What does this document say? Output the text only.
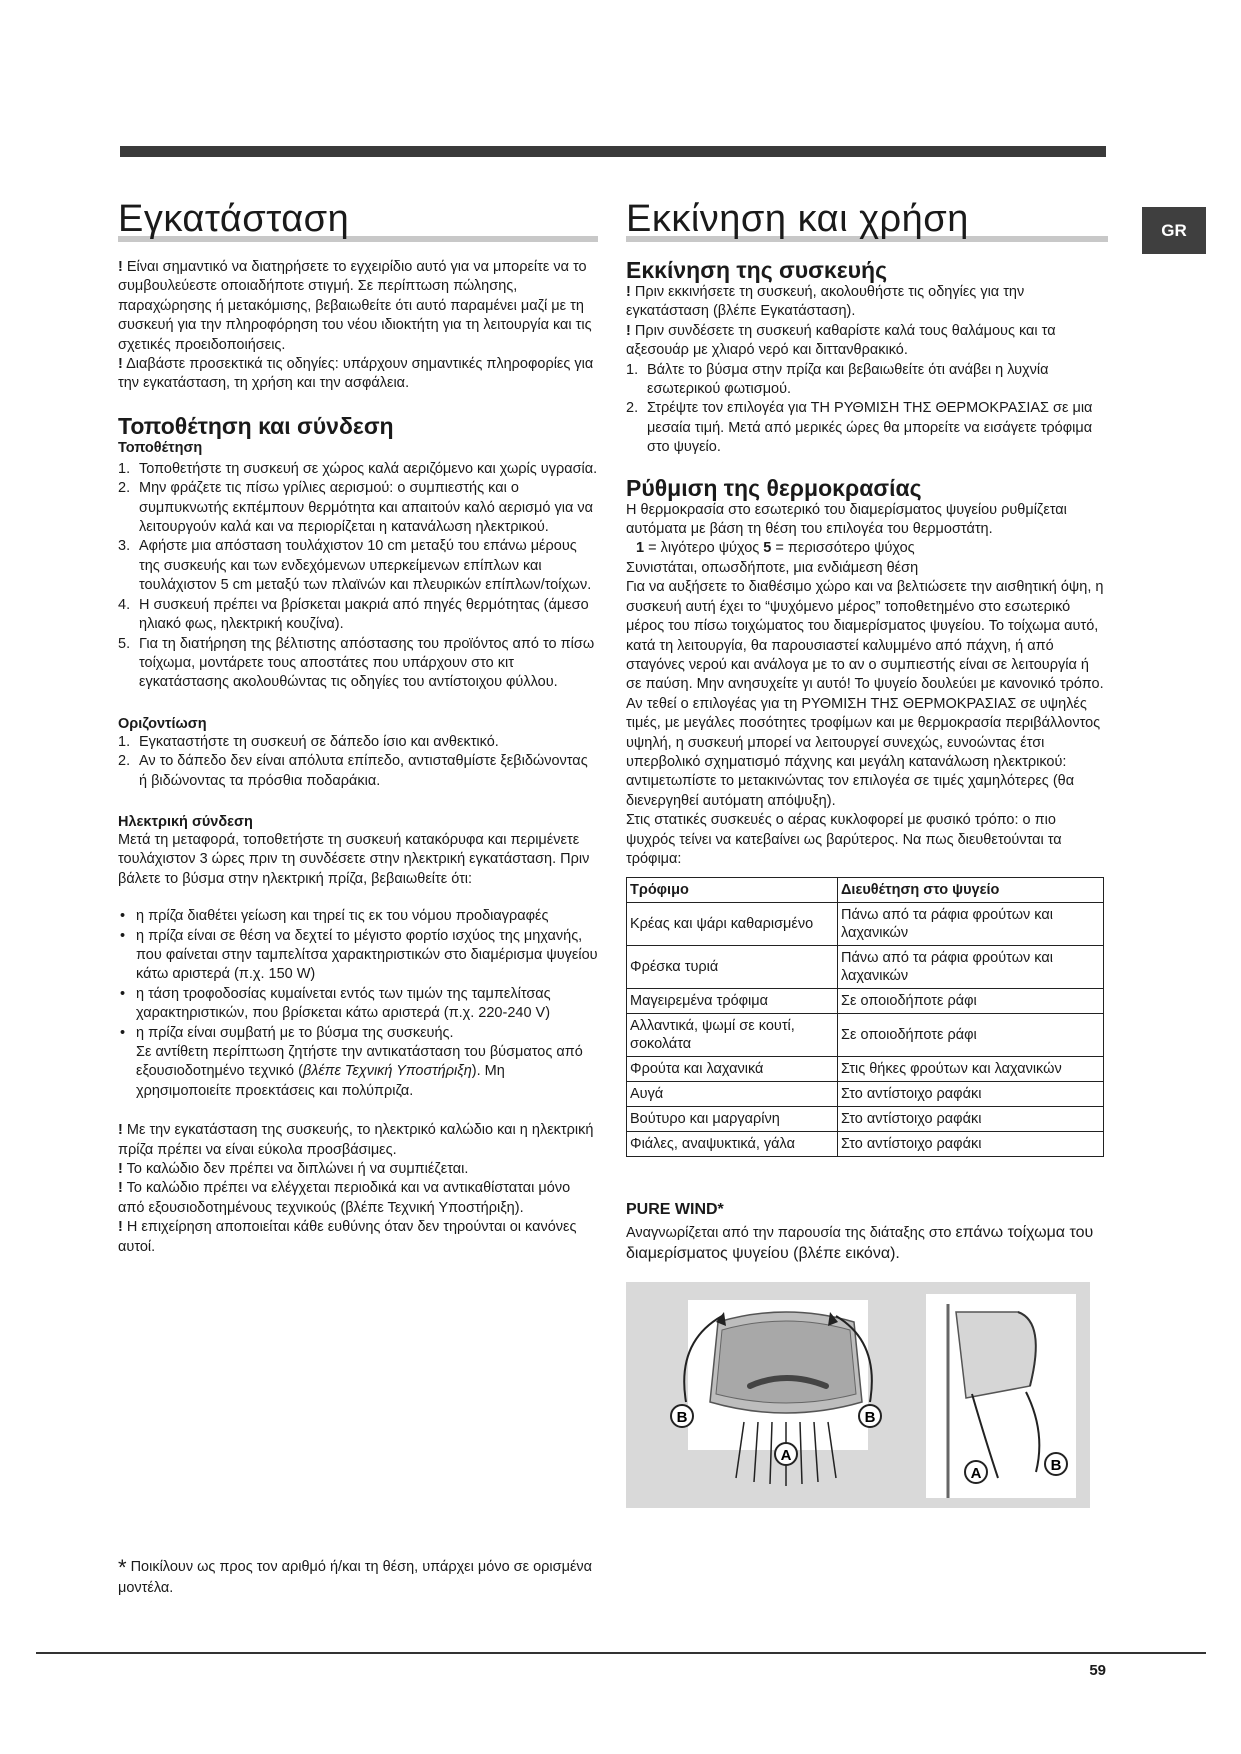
GR
Εγκατάσταση

! Είναι σημαντικό να διατηρήσετε το εγχειρίδιο αυτό για να μπορείτε να το συμβουλεύεστε οποιαδήποτε στιγμή. Σε περίπτωση πώλησης, παραχώρησης ή μετακόμισης, βεβαιωθείτε ότι αυτό παραμένει μαζί με τη συσκευή για την πληροφόρηση του νέου ιδιοκτήτη για τη λειτουργία και τις σχετικές προειδοποιήσεις.

! Διαβάστε προσεκτικά τις οδηγίες: υπάρχουν σημαντικές πληροφορίες για την εγκατάσταση, τη χρήση και την ασφάλεια.

Τοποθέτηση και σύνδεση
Τοποθέτηση
1. Τοποθετήστε τη συσκευή σε χώρος καλά αεριζόμενο και χωρίς υγρασία.
2. Μην φράζετε τις πίσω γρίλιες αερισμού: ο συμπιεστής και ο συμπυκνωτής εκπέμπουν θερμότητα και απαιτούν καλό αερισμό για να λειτουργούν καλά και να περιορίζεται η κατανάλωση ηλεκτρικού.
3. Αφήστε μια απόσταση τουλάχιστον 10 cm μεταξύ του επάνω μέρους της συσκευής και των ενδεχόμενων υπερκείμενων επίπλων και τουλάχιστον 5 cm μεταξύ των πλαϊνών και πλευρικών επίπλων/τοίχων.
4. Η συσκευή πρέπει να βρίσκεται μακριά από πηγές θερμότητας (άμεσο ηλιακό φως, ηλεκτρική κουζίνα).
5. Για τη διατήρηση της βέλτιστης απόστασης του προϊόντος από το πίσω τοίχωμα, μοντάρετε τους αποστάτες που υπάρχουν στο κιτ εγκατάστασης ακολουθώντας τις οδηγίες του αντίστοιχου φύλλου.
Οριζοντίωση
1. Εγκαταστήστε τη συσκευή σε δάπεδο ίσιο και ανθεκτικό.
2. Αν το δάπεδο δεν είναι απόλυτα επίπεδο, αντισταθμίστε ξεβιδώνοντας ή βιδώνοντας τα πρόσθια ποδαράκια.
Ηλεκτρική σύνδεση

Μετά τη μεταφορά, τοποθετήστε τη συσκευή κατακόρυφα και περιμένετε τουλάχιστον 3 ώρες πριν τη συνδέσετε στην ηλεκτρική εγκατάσταση. Πριν βάλετε το βύσμα στην ηλεκτρική πρίζα, βεβαιωθείτε ότι:

• η πρίζα διαθέτει γείωση και τηρεί τις εκ του νόμου προδιαγραφές
• η πρίζα είναι σε θέση να δεχτεί το μέγιστο φορτίο ισχύος της μηχανής, που φαίνεται στην ταμπελίτσα χαρακτηριστικών στο διαμέρισμα ψυγείου κάτω αριστερά (π.χ. 150 W)
• η τάση τροφοδοσίας κυμαίνεται εντός των τιμών της ταμπελίτσας χαρακτηριστικών, που βρίσκεται κάτω αριστερά (π.χ. 220-240 V)
• η πρίζα είναι συμβατή με το βύσμα της συσκευής.

Σε αντίθετη περίπτωση ζητήστε την αντικατάσταση του βύσματος από εξουσιοδοτημένο τεχνικό (βλέπε Τεχνική Υποστήριξη). Μη χρησιμοποιείτε προεκτάσεις και πολύπριζα.

! Με την εγκατάσταση της συσκευής, το ηλεκτρικό καλώδιο και η ηλεκτρική πρίζα πρέπει να είναι εύκολα προσβάσιμες.

! Το καλώδιο δεν πρέπει να διπλώνει ή να συμπιέζεται.

! Το καλώδιο πρέπει να ελέγχεται περιοδικά και να αντικαθίσταται μόνο από εξουσιοδοτημένους τεχνικούς (βλέπε Τεχνική Υποστήριξη).

! Η επιχείρηση αποποιείται κάθε ευθύνης όταν δεν τηρούνται οι κανόνες αυτοί.

* Ποικίλουν ως προς τον αριθμό ή/και τη θέση, υπάρχει μόνο σε ορισμένα μοντέλα.
Εκκίνηση και χρήση
Εκκίνηση της συσκευής

! Πριν εκκινήσετε τη συσκευή, ακολουθήστε τις οδηγίες για την εγκατάσταση (βλέπε Εγκατάσταση).

! Πριν συνδέσετε τη συσκευή καθαρίστε καλά τους θαλάμους και τα αξεσουάρ με χλιαρό νερό και διττανθρακικό.

1. Βάλτε το βύσμα στην πρίζα και βεβαιωθείτε ότι ανάβει η λυχνία εσωτερικού φωτισμού.
2. Στρέψτε τον επιλογέα για ΤΗ ΡΥΘΜΙΣΗ ΤΗΣ ΘΕΡΜΟΚΡΑΣΙΑΣ σε μια μεσαία τιμή. Μετά από μερικές ώρες θα μπορείτε να εισάγετε τρόφιμα στο ψυγείο.
Ρύθμιση της θερμοκρασίας

Η θερμοκρασία στο εσωτερικό του διαμερίσματος ψυγείου ρυθμίζεται αυτόματα με βάση τη θέση του επιλογέα του θερμοστάτη.

1 = λιγότερο ψύχος 5 = περισσότερο ψύχος

Συνιστάται, οπωσδήποτε, μια ενδιάμεση θέση

Για να αυξήσετε το διαθέσιμο χώρο και να βελτιώσετε την αισθητική όψη, η συσκευή αυτή έχει το “ψυχόμενο μέρος” τοποθετημένο στο εσωτερικό μέρος του πίσω τοιχώματος του διαμερίσματος ψυγείου. Το τοίχωμα αυτό, κατά τη λειτουργία, θα παρουσιαστεί καλυμμένο από πάχνη, ή από σταγόνες νερού και ανάλογα με το αν ο συμπιεστής είναι σε λειτουργία ή σε παύση. Μην ανησυχείτε γι αυτό! Το ψυγείο δουλεύει με κανονικό τρόπο.

Αν τεθεί ο επιλογέας για τη ΡΥΘΜΙΣΗ ΤΗΣ ΘΕΡΜΟΚΡΑΣΙΑΣ σε υψηλές τιμές, με μεγάλες ποσότητες τροφίμων και με θερμοκρασία περιβάλλοντος υψηλή, η συσκευή μπορεί να λειτουργεί συνεχώς, ευνοώντας έτσι υπερβολικό σχηματισμό πάχνης και μεγάλη κατανάλωση ηλεκτρικού: αντιμετωπίστε το μετακινώντας τον επιλογέα σε τιμές χαμηλότερες (θα διενεργηθεί αυτόματη απόψυξη).

Στις στατικές συσκευές ο αέρας κυκλοφορεί με φυσικό τρόπο: ο πιο ψυχρός τείνει να κατεβαίνει ως βαρύτερος. Να πως διευθετούνται τα τρόφιμα:

Τρόφιμο	Διευθέτηση στο ψυγείο
Κρέας και ψάρι καθαρισμένο	Πάνω από τα ράφια φρούτων και λαχανικών
Φρέσκα τυριά	Πάνω από τα ράφια φρούτων και λαχανικών
Μαγειρεμένα τρόφιμα	Σε οποιοδήποτε ράφι
Αλλαντικά, ψωμί σε κουτί, σοκολάτα	Σε οποιοδήποτε ράφι
Φρούτα και λαχανικά	Στις θήκες φρούτων και λαχανικών
Αυγά	Στο αντίστοιχο ραφάκι
Βούτυρο και μαργαρίνη	Στο αντίστοιχο ραφάκι
Φιάλες, αναψυκτικά, γάλα	Στο αντίστοιχο ραφάκι
PURE WIND*

Αναγνωρίζεται από την παρουσία της διάταξης στο επάνω τοίχωμα του διαμερίσματος ψυγείου (βλέπε εικόνα).

B	B
A
A	B
59
